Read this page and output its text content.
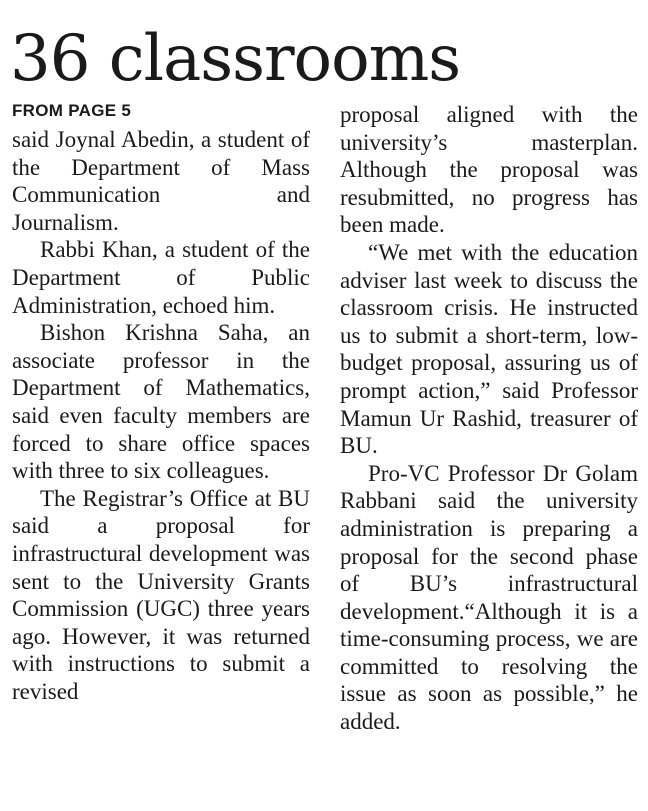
36 classrooms
FROM PAGE 5

said Joynal Abedin, a student of the Department of Mass Communication and Journalism.

Rabbi Khan, a student of the Department of Public Administration, echoed him.

Bishon Krishna Saha, an associate professor in the Department of Mathematics, said even faculty members are forced to share office spaces with three to six colleagues.

The Registrar’s Office at BU said a proposal for infrastructural development was sent to the University Grants Commission (UGC) three years ago. However, it was returned with instructions to submit a revised

proposal aligned with the university’s masterplan. Although the proposal was resubmitted, no progress has been made.

“We met with the education adviser last week to discuss the classroom crisis. He instructed us to submit a short-term, low-budget proposal, assuring us of prompt action,” said Professor Mamun Ur Rashid, treasurer of BU.

Pro-VC Professor Dr Golam Rabbani said the university administration is preparing a proposal for the second phase of BU’s infrastructural development.“Although it is a time-consuming process, we are committed to resolving the issue as soon as possible,” he added.
